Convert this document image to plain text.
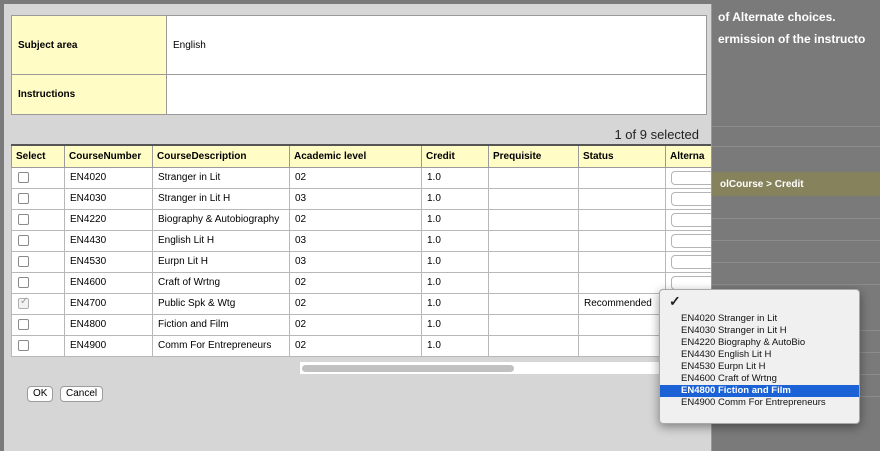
of Alternate choices.
ermission of the instructo
olCourse > Credit
Subject area	English
Instructions	
1 of 9 selected
Select	CourseNumber	CourseDescription	Academic level	Credit	Prequisite	Status	Alterna
	EN4020	Stranger in Lit	02	1.0			
	EN4030	Stranger in Lit H	03	1.0			
	EN4220	Biography & Autobiography	02	1.0			
	EN4430	English Lit H	03	1.0			
	EN4530	Eurpn Lit H	03	1.0			
	EN4600	Craft of Wrtng	02	1.0			
✓	EN4700	Public Spk & Wtg	02	1.0		Recommended	
	EN4800	Fiction and Film	02	1.0			
	EN4900	Comm For Entrepreneurs	02	1.0			
OK	Cancel
✓
EN4020 Stranger in Lit
EN4030 Stranger in Lit H
EN4220 Biography & AutoBio
EN4430 English Lit H
EN4530 Eurpn Lit H
EN4600 Craft of Wrtng
EN4800 Fiction and Film
EN4900 Comm For Entrepreneurs
